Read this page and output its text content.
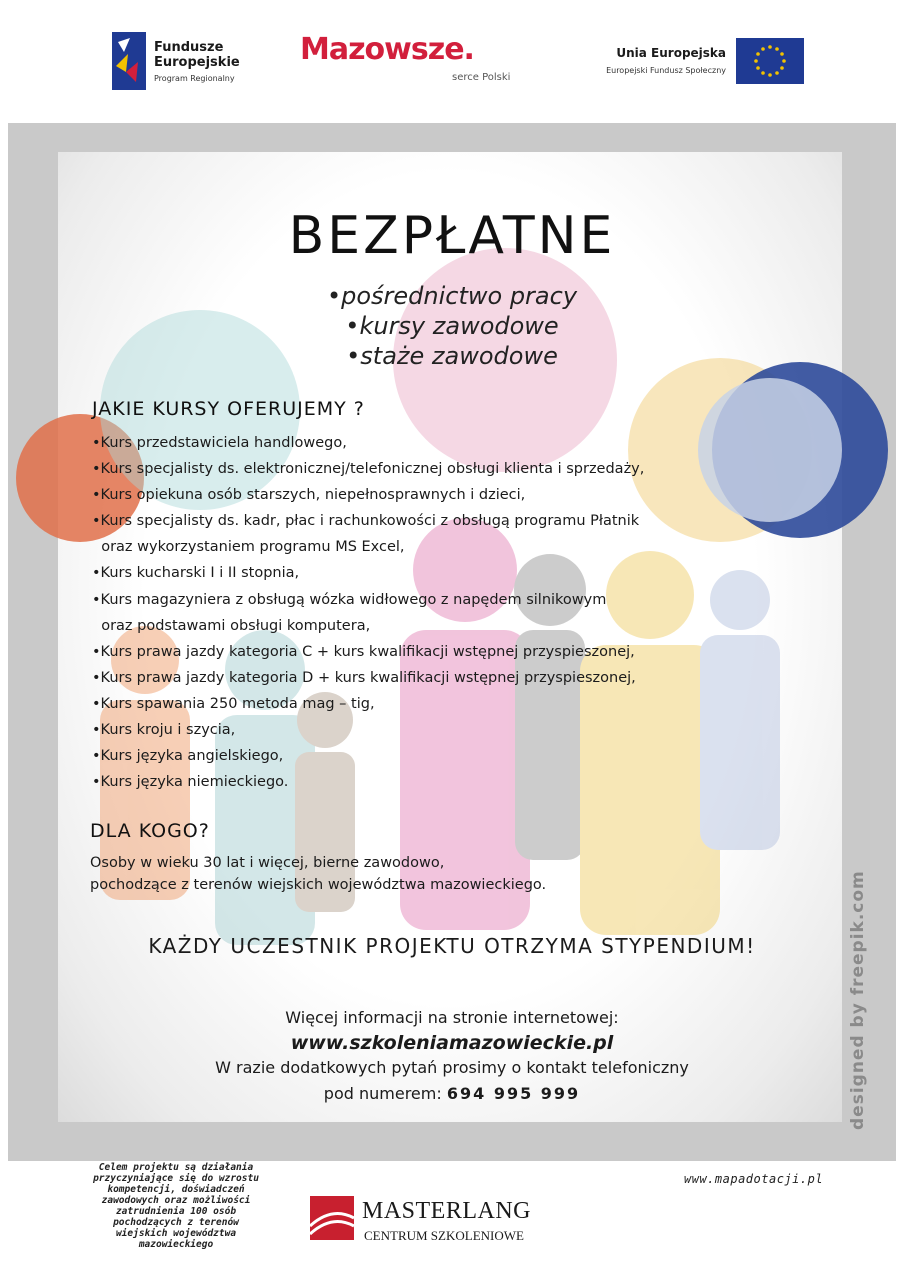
Fundusze
Europejskie
Program Regionalny
Mazowsze.
serce Polski
Unia Europejska
Europejski Fundusz Społeczny
BEZPŁATNE
•pośrednictwo pracy
•kursy zawodowe
•staże zawodowe
JAKIE KURSY OFERUJEMY ?
•Kurs przedstawiciela handlowego,
•Kurs specjalisty ds. elektronicznej/telefonicznej obsługi klienta i sprzedaży,
•Kurs opiekuna osób starszych, niepełnosprawnych i dzieci,
•Kurs specjalisty ds. kadr, płac i rachunkowości z obsługą programu Płatnik
oraz wykorzystaniem programu MS Excel,
•Kurs kucharski I i II stopnia,
•Kurs magazyniera z obsługą wózka widłowego z napędem silnikowym
oraz podstawami obsługi komputera,
•Kurs prawa jazdy kategoria C + kurs kwalifikacji wstępnej przyspieszonej,
•Kurs prawa jazdy kategoria D + kurs kwalifikacji wstępnej przyspieszonej,
•Kurs spawania 250 metoda mag – tig,
•Kurs kroju i szycia,
•Kurs języka angielskiego,
•Kurs języka niemieckiego.
DLA KOGO?
Osoby w wieku 30 lat i więcej, bierne zawodowo,
pochodzące z terenów wiejskich województwa mazowieckiego.
KAŻDY UCZESTNIK PROJEKTU OTRZYMA STYPENDIUM!
Więcej informacji na stronie internetowej:
www.szkoleniamazowieckie.pl
W razie dodatkowych pytań prosimy o kontakt telefoniczny
pod numerem: 694 995 999	designed by freepik.com
Celem projektu są działania
przyczyniające się do wzrostu
kompetencji, doświadczeń
zawodowych oraz możliwości
zatrudnienia 100 osób
pochodzących z terenów
wiejskich województwa
mazowieckiego
MASTERLANG
CENTRUM SZKOLENIOWE
www.mapadotacji.pl
